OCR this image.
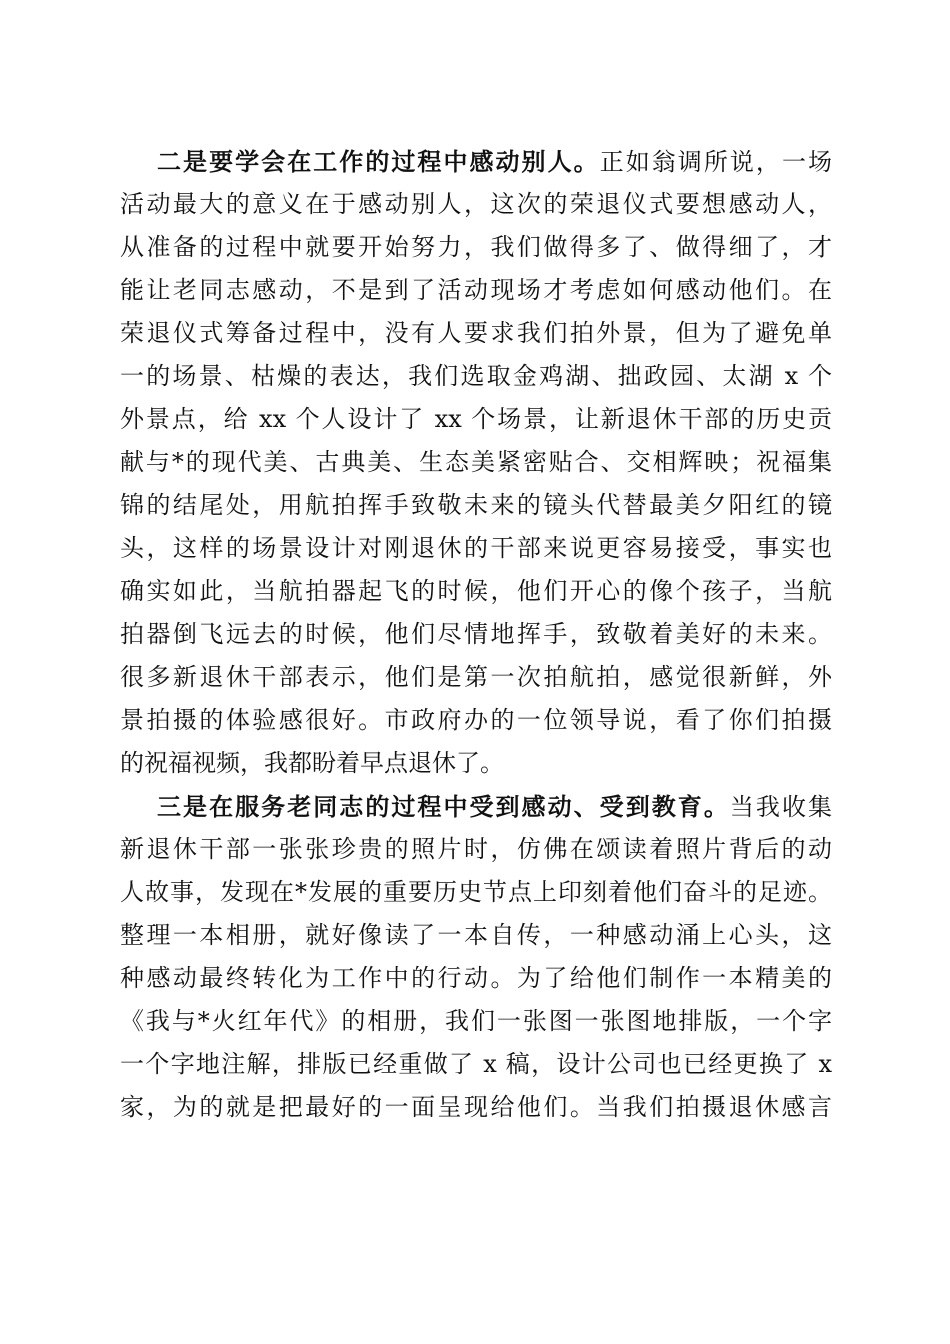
二是要学会在工作的过程中感动别人。正如翁调所说，一场
活动最大的意义在于感动别人，这次的荣退仪式要想感动人，
从准备的过程中就要开始努力，我们做得多了、做得细了，才
能让老同志感动，不是到了活动现场才考虑如何感动他们。在
荣退仪式筹备过程中，没有人要求我们拍外景，但为了避免单
一的场景、枯燥的表达，我们选取金鸡湖、拙政园、太湖 x 个
外景点，给 xx 个人设计了 xx 个场景，让新退休干部的历史贡
献与*的现代美、古典美、生态美紧密贴合、交相辉映；祝福集
锦的结尾处，用航拍挥手致敬未来的镜头代替最美夕阳红的镜
头，这样的场景设计对刚退休的干部来说更容易接受，事实也
确实如此，当航拍器起飞的时候，他们开心的像个孩子，当航
拍器倒飞远去的时候，他们尽情地挥手，致敬着美好的未来。
很多新退休干部表示，他们是第一次拍航拍，感觉很新鲜，外
景拍摄的体验感很好。市政府办的一位领导说，看了你们拍摄
的祝福视频，我都盼着早点退休了。
三是在服务老同志的过程中受到感动、受到教育。当我收集
新退休干部一张张珍贵的照片时，仿佛在颂读着照片背后的动
人故事，发现在*发展的重要历史节点上印刻着他们奋斗的足迹。
整理一本相册，就好像读了一本自传，一种感动涌上心头，这
种感动最终转化为工作中的行动。为了给他们制作一本精美的
《我与*火红年代》的相册，我们一张图一张图地排版，一个字
一个字地注解，排版已经重做了 x 稿，设计公司也已经更换了 x
家，为的就是把最好的一面呈现给他们。当我们拍摄退休感言
